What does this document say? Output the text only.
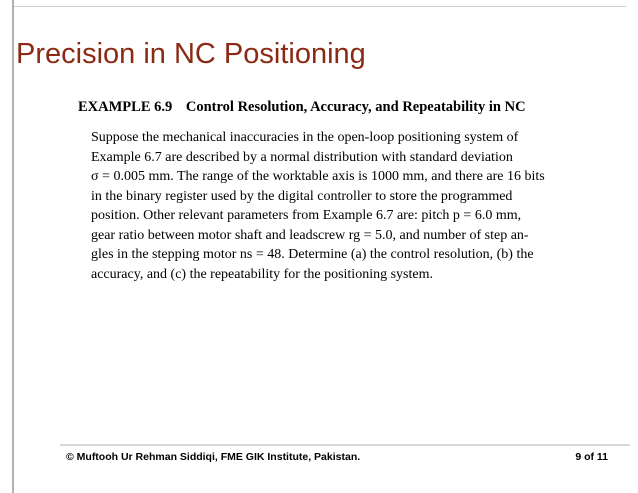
Precision in NC Positioning
EXAMPLE 6.9 Control Resolution, Accuracy, and Repeatability in NC
Suppose the mechanical inaccuracies in the open-loop positioning system of
Example 6.7 are described by a normal distribution with standard deviation
σ = 0.005 mm. The range of the worktable axis is 1000 mm, and there are 16 bits
in the binary register used by the digital controller to store the programmed
position. Other relevant parameters from Example 6.7 are: pitch p = 6.0 mm,
gear ratio between motor shaft and leadscrew rg = 5.0, and number of step an-
gles in the stepping motor ns = 48. Determine (a) the control resolution, (b) the
accuracy, and (c) the repeatability for the positioning system.
© Muftooh Ur Rehman Siddiqi, FME GIK Institute, Pakistan.	9 of 11
